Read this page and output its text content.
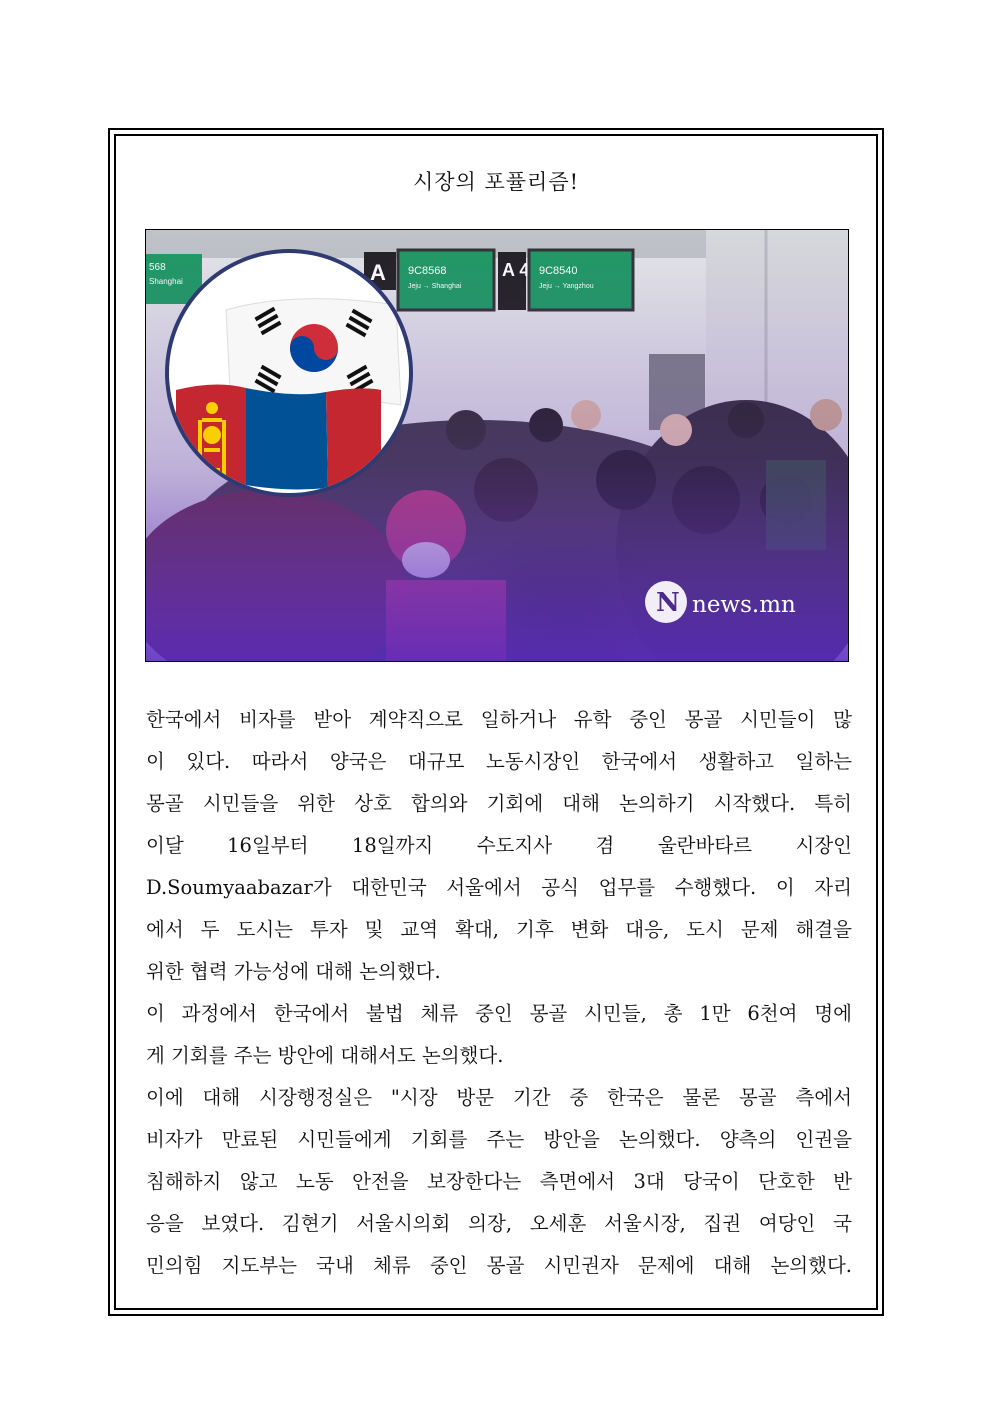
시장의 포퓰리즘!
N news.mn

한국에서 비자를 받아 계약직으로 일하거나 유학 중인 몽골 시민들이 많
이 있다. 따라서 양국은 대규모 노동시장인 한국에서 생활하고 일하는
몽골 시민들을 위한 상호 합의와 기회에 대해 논의하기 시작했다. 특히
이달 16일부터 18일까지 수도지사 겸 울란바타르 시장인
D.Soumyaabazar가 대한민국 서울에서 공식 업무를 수행했다. 이 자리
에서 두 도시는 투자 및 교역 확대, 기후 변화 대응, 도시 문제 해결을
위한 협력 가능성에 대해 논의했다.

이 과정에서 한국에서 불법 체류 중인 몽골 시민들, 총 1만 6천여 명에
게 기회를 주는 방안에 대해서도 논의했다.

이에 대해 시장행정실은 "시장 방문 기간 중 한국은 물론 몽골 측에서
비자가 만료된 시민들에게 기회를 주는 방안을 논의했다. 양측의 인권을
침해하지 않고 노동 안전을 보장한다는 측면에서 3대 당국이 단호한 반
응을 보였다. 김현기 서울시의회 의장, 오세훈 서울시장, 집권 여당인 국
민의힘 지도부는 국내 체류 중인 몽골 시민권자 문제에 대해 논의했다.
